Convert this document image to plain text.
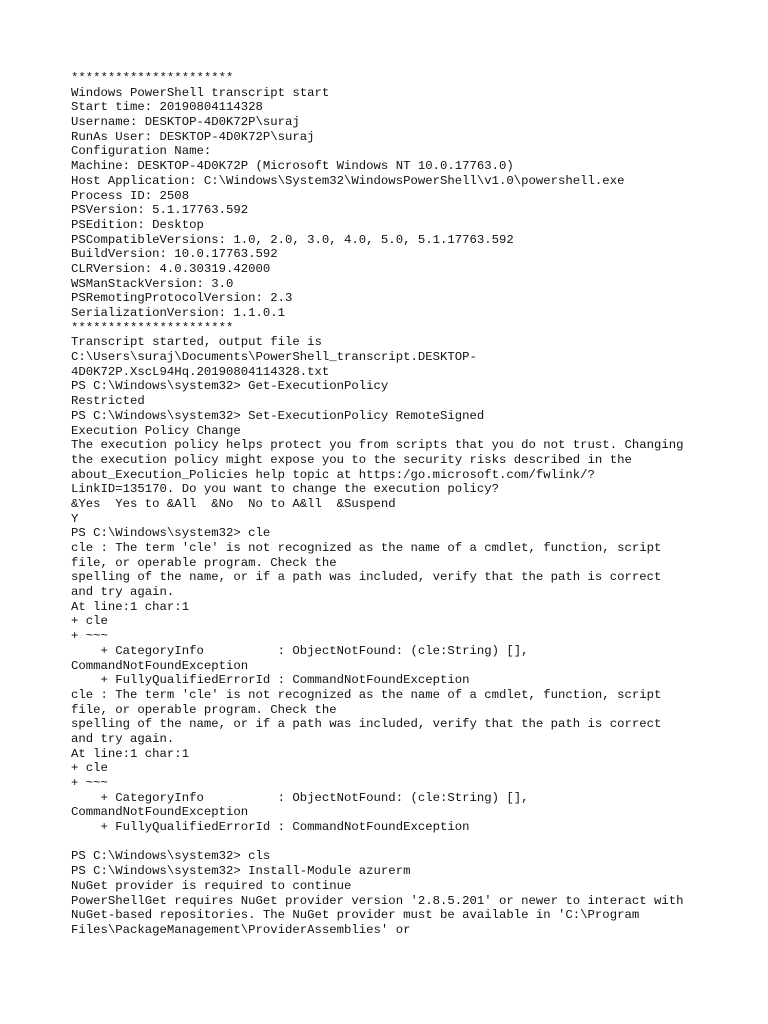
**********************
Windows PowerShell transcript start
Start time: 20190804114328
Username: DESKTOP-4D0K72P\suraj
RunAs User: DESKTOP-4D0K72P\suraj
Configuration Name:
Machine: DESKTOP-4D0K72P (Microsoft Windows NT 10.0.17763.0)
Host Application: C:\Windows\System32\WindowsPowerShell\v1.0\powershell.exe
Process ID: 2508
PSVersion: 5.1.17763.592
PSEdition: Desktop
PSCompatibleVersions: 1.0, 2.0, 3.0, 4.0, 5.0, 5.1.17763.592
BuildVersion: 10.0.17763.592
CLRVersion: 4.0.30319.42000
WSManStackVersion: 3.0
PSRemotingProtocolVersion: 2.3
SerializationVersion: 1.1.0.1
**********************
Transcript started, output file is
C:\Users\suraj\Documents\PowerShell_transcript.DESKTOP-
4D0K72P.XscL94Hq.20190804114328.txt
PS C:\Windows\system32> Get-ExecutionPolicy
Restricted
PS C:\Windows\system32> Set-ExecutionPolicy RemoteSigned
Execution Policy Change
The execution policy helps protect you from scripts that you do not trust. Changing
the execution policy might expose you to the security risks described in the
about_Execution_Policies help topic at https:/go.microsoft.com/fwlink/?
LinkID=135170. Do you want to change the execution policy?
&Yes  Yes to &All  &No  No to A&ll  &Suspend
Y
PS C:\Windows\system32> cle
cle : The term 'cle' is not recognized as the name of a cmdlet, function, script
file, or operable program. Check the
spelling of the name, or if a path was included, verify that the path is correct
and try again.
At line:1 char:1
+ cle
+ ~~~
+ CategoryInfo          : ObjectNotFound: (cle:String) [],
CommandNotFoundException
+ FullyQualifiedErrorId : CommandNotFoundException
cle : The term 'cle' is not recognized as the name of a cmdlet, function, script
file, or operable program. Check the
spelling of the name, or if a path was included, verify that the path is correct
and try again.
At line:1 char:1
+ cle
+ ~~~
+ CategoryInfo          : ObjectNotFound: (cle:String) [],
CommandNotFoundException
+ FullyQualifiedErrorId : CommandNotFoundException
PS C:\Windows\system32> cls
PS C:\Windows\system32> Install-Module azurerm
NuGet provider is required to continue
PowerShellGet requires NuGet provider version '2.8.5.201' or newer to interact with
NuGet-based repositories. The NuGet provider must be available in 'C:\Program
Files\PackageManagement\ProviderAssemblies' or
